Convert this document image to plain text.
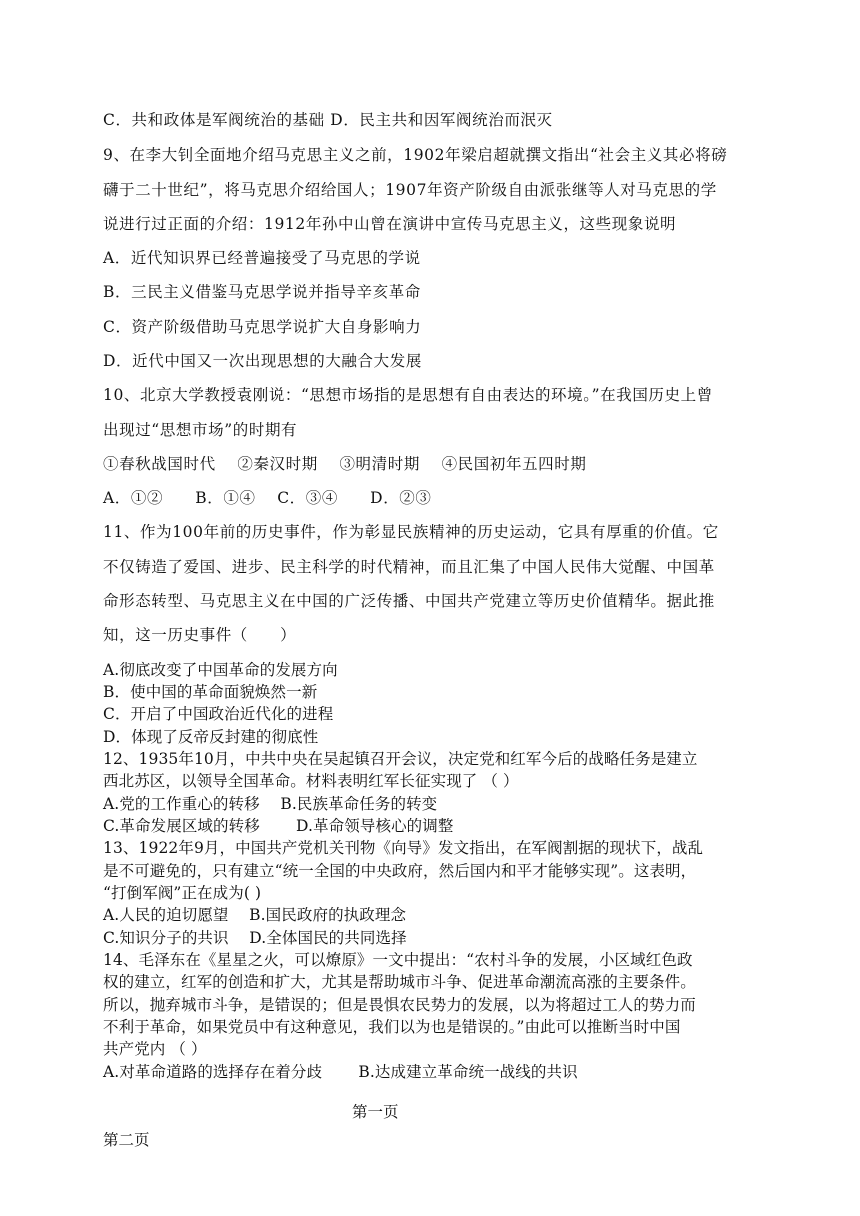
C．共和政体是军阀统治的基础 D．民主共和因军阀统治而泯灭
9、在李大钊全面地介绍马克思主义之前，1902年梁启超就撰文指出“社会主义其必将磅
礴于二十世纪”，将马克思介绍给国人；1907年资产阶级自由派张继等人对马克思的学
说进行过正面的介绍：1912年孙中山曾在演讲中宣传马克思主义，这些现象说明
A．近代知识界已经普遍接受了马克思的学说
B．三民主义借鉴马克思学说并指导辛亥革命
C．资产阶级借助马克思学说扩大自身影响力
D．近代中国又一次出现思想的大融合大发展
10、北京大学教授袁刚说：“思想市场指的是思想有自由表达的环境。”在我国历史上曾
出现过“思想市场”的时期有
①春秋战国时代　 ②秦汉时期　 ③明清时期　 ④民国初年五四时期
A．①②　　B．①④　 C．③④　　D．②③
11、作为100年前的历史事件，作为彰显民族精神的历史运动，它具有厚重的价值。它
不仅铸造了爱国、进步、民主科学的时代精神，而且汇集了中国人民伟大觉醒、中国革
命形态转型、马克思主义在中国的广泛传播、中国共产党建立等历史价值精华。据此推
知，这一历史事件（　　）
A.彻底改变了中国革命的发展方向
B．使中国的革命面貌焕然一新
C．开启了中国政治近代化的进程
D．体现了反帝反封建的彻底性
12、1935年10月，中共中央在吴起镇召开会议，决定党和红军今后的战略任务是建立
西北苏区，以领导全国革命。材料表明红军长征实现了 （ ）
A.党的工作重心的转移　 B.民族革命任务的转变
C.革命发展区域的转移　　 D.革命领导核心的调整
13、1922年9月，中国共产党机关刊物《向导》发文指出，在军阀割据的现状下，战乱
是不可避免的，只有建立“统一全国的中央政府，然后国内和平才能够实现”。这表明，
“打倒军阀”正在成为( )
A.人民的迫切愿望　 B.国民政府的执政理念
C.知识分子的共识　 D.全体国民的共同选择
14、毛泽东在《星星之火，可以燎原》一文中提出：“农村斗争的发展，小区域红色政
权的建立，红军的创造和扩大，尤其是帮助城市斗争、促进革命潮流高涨的主要条件。
所以，抛弃城市斗争，是错误的；但是畏惧农民势力的发展，以为将超过工人的势力而
不利于革命，如果党员中有这种意见，我们以为也是错误的。”由此可以推断当时中国
共产党内 （ ）
A.对革命道路的选择存在着分歧　　 B.达成建立革命统一战线的共识
第一页
第二页
